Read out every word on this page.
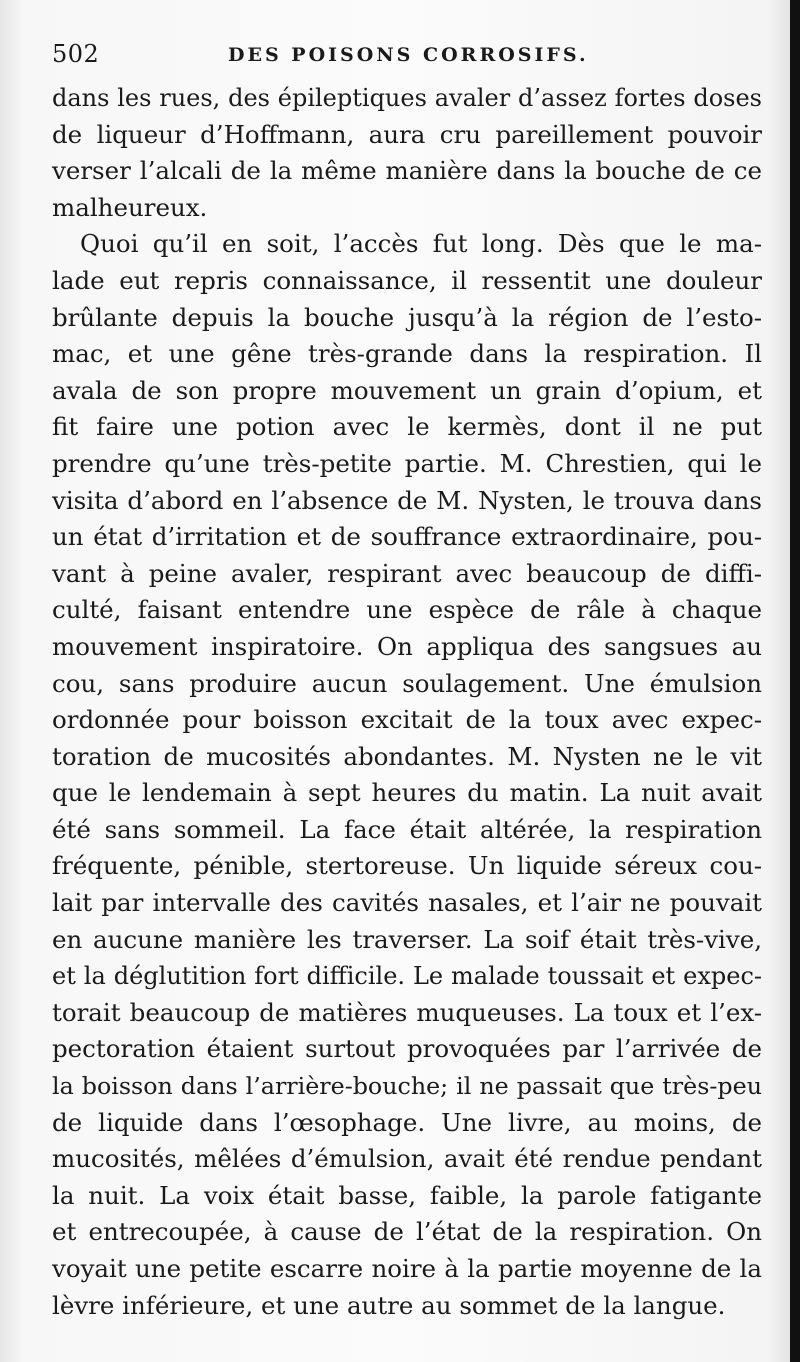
502	DES POISONS CORROSIFS.
dans les rues, des épileptiques avaler d’assez fortes doses
de liqueur d’Hoffmann, aura cru pareillement pouvoir
verser l’alcali de la même manière dans la bouche de ce
malheureux.
Quoi qu’il en soit, l’accès fut long. Dès que le ma-
lade eut repris connaissance, il ressentit une douleur
brûlante depuis la bouche jusqu’à la région de l’esto-
mac, et une gêne très-grande dans la respiration. Il
avala de son propre mouvement un grain d’opium, et
fit faire une potion avec le kermès, dont il ne put
prendre qu’une très-petite partie. M. Chrestien, qui le
visita d’abord en l’absence de M. Nysten, le trouva dans
un état d’irritation et de souffrance extraordinaire, pou-
vant à peine avaler, respirant avec beaucoup de diffi-
culté, faisant entendre une espèce de râle à chaque
mouvement inspiratoire. On appliqua des sangsues au
cou, sans produire aucun soulagement. Une émulsion
ordonnée pour boisson excitait de la toux avec expec-
toration de mucosités abondantes. M. Nysten ne le vit
que le lendemain à sept heures du matin. La nuit avait
été sans sommeil. La face était altérée, la respiration
fréquente, pénible, stertoreuse. Un liquide séreux cou-
lait par intervalle des cavités nasales, et l’air ne pouvait
en aucune manière les traverser. La soif était très-vive,
et la déglutition fort difficile. Le malade toussait et expec-
torait beaucoup de matières muqueuses. La toux et l’ex-
pectoration étaient surtout provoquées par l’arrivée de
la boisson dans l’arrière-bouche; il ne passait que très-peu
de liquide dans l’œsophage. Une livre, au moins, de
mucosités, mêlées d’émulsion, avait été rendue pendant
la nuit. La voix était basse, faible, la parole fatigante
et entrecoupée, à cause de l’état de la respiration. On
voyait une petite escarre noire à la partie moyenne de la
lèvre inférieure, et une autre au sommet de la langue.
